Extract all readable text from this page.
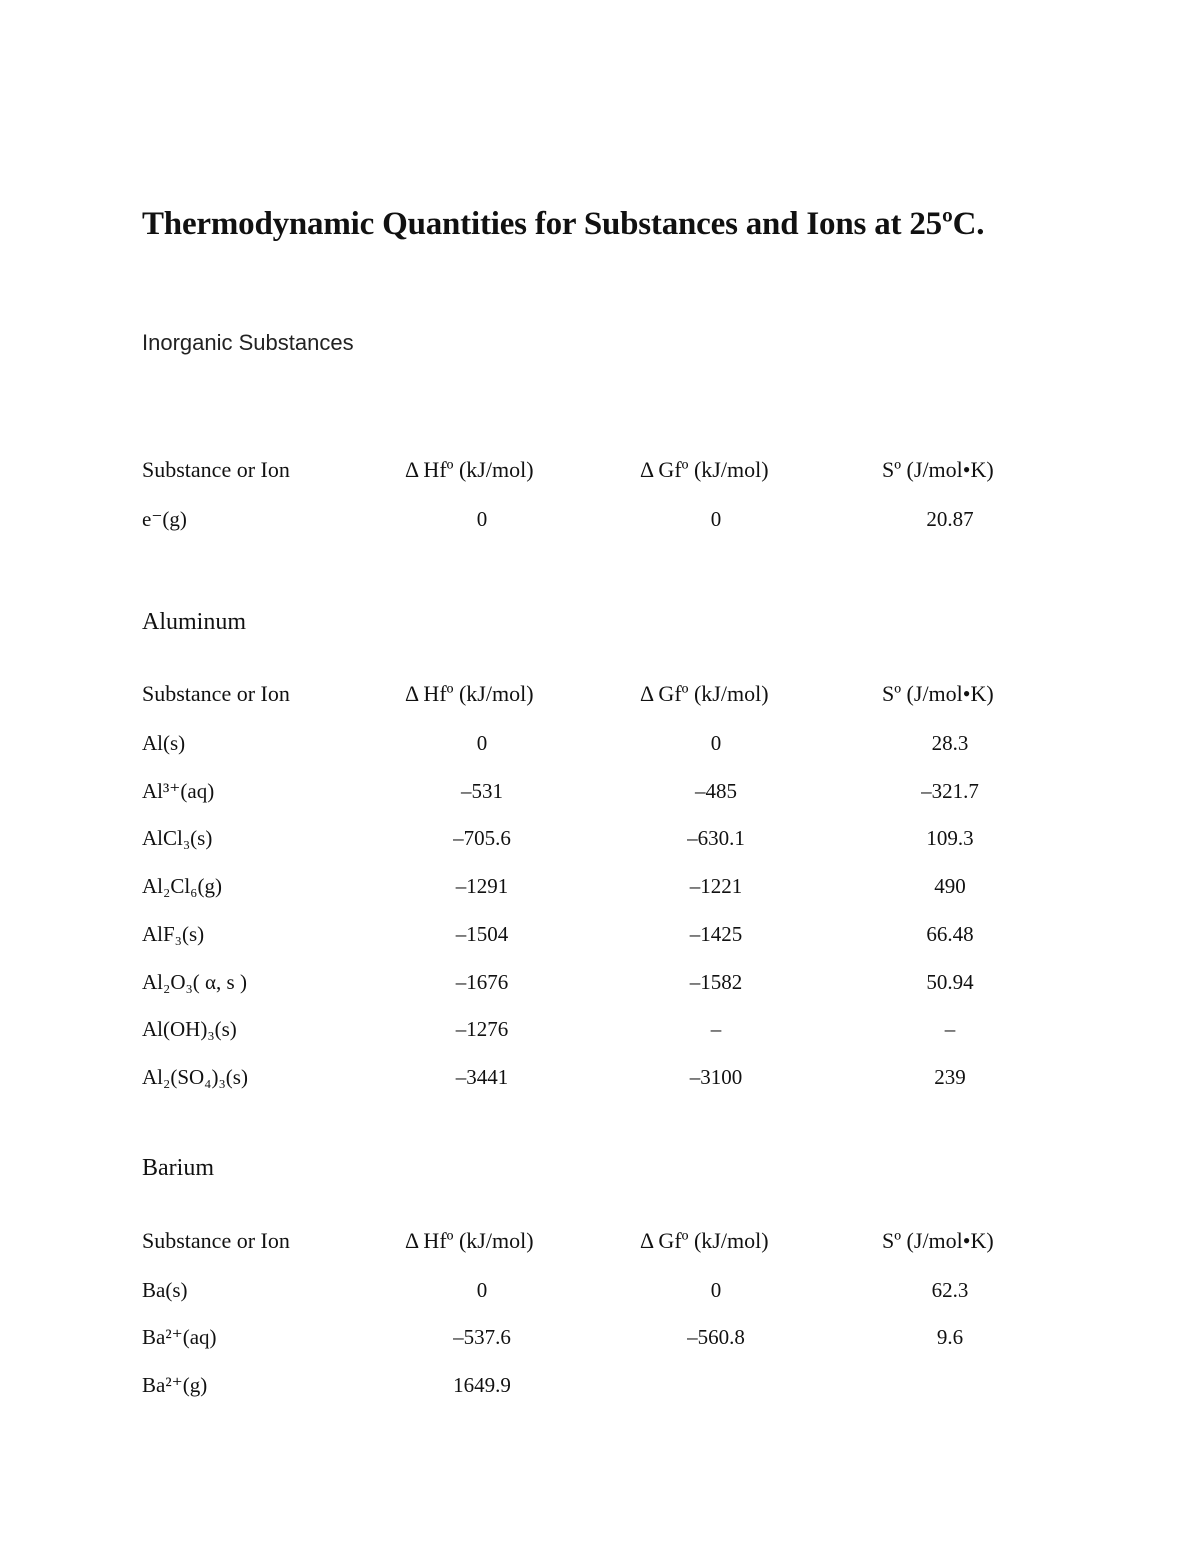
Thermodynamic Quantities for Substances and Ions at 25ºC.
Inorganic Substances
Substance or Ion	Δ Hfº (kJ/mol)	Δ Gfº (kJ/mol)	Sº (J/mol•K)
e⁻(g)	0	0	20.87
Aluminum
Substance or Ion	Δ Hfº (kJ/mol)	Δ Gfº (kJ/mol)	Sº (J/mol•K)
Al(s)	0	0	28.3
Al³⁺(aq)	–531	–485	–321.7
AlCl₃(s)	–705.6	–630.1	109.3
Al₂Cl₆(g)	–1291	–1221	490
AlF₃(s)	–1504	–1425	66.48
Al₂O₃( α, s )	–1676	–1582	50.94
Al(OH)₃(s)	–1276	–	–
Al₂(SO₄)₃(s)	–3441	–3100	239
Barium
Substance or Ion	Δ Hfº (kJ/mol)	Δ Gfº (kJ/mol)	Sº (J/mol•K)
Ba(s)	0	0	62.3
Ba²⁺(aq)	–537.6	–560.8	9.6
Ba²⁺(g)	1649.9
